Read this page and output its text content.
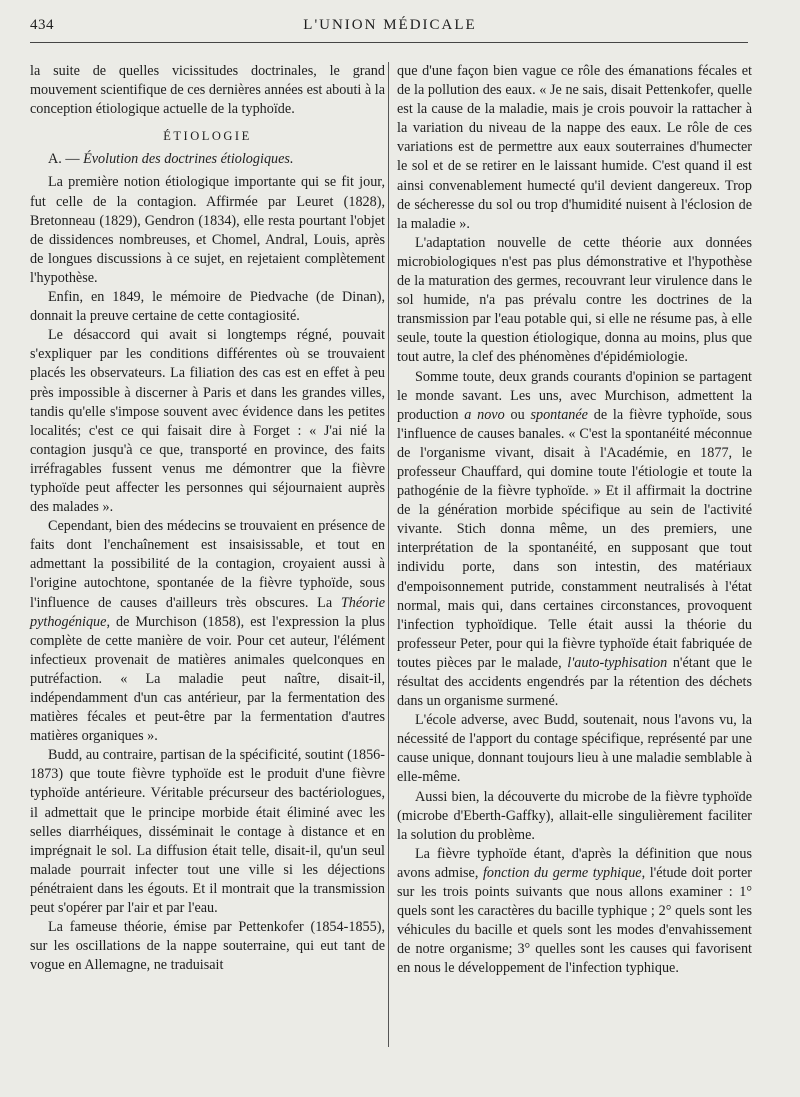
434	L'UNION MÉDICALE

la suite de quelles vicissitudes doctrinales, le grand mouvement scientifique de ces dernières années est abouti à la conception étiologique actuelle de la typhoïde.

ÉTIOLOGIE
A. — Évolution des doctrines étiologiques.

La première notion étiologique importante qui se fit jour, fut celle de la contagion. Affirmée par Leuret (1828), Bretonneau (1829), Gendron (1834), elle resta pourtant l'objet de dissidences nombreuses, et Chomel, Andral, Louis, après de longues discussions à ce sujet, en rejetaient complètement l'hypothèse.

Enfin, en 1849, le mémoire de Piedvache (de Dinan), donnait la preuve certaine de cette contagiosité.

Le désaccord qui avait si longtemps régné, pouvait s'expliquer par les conditions différentes où se trouvaient placés les observateurs. La filiation des cas est en effet à peu près impossible à discerner à Paris et dans les grandes villes, tandis qu'elle s'impose souvent avec évidence dans les petites localités; c'est ce qui faisait dire à Forget : « J'ai nié la contagion jusqu'à ce que, transporté en province, des faits irréfragables fussent venus me démontrer que la fièvre typhoïde peut affecter les personnes qui séjournaient auprès des malades ».

Cependant, bien des médecins se trouvaient en présence de faits dont l'enchaînement est insaisissable, et tout en admettant la possibilité de la contagion, croyaient aussi à l'origine autochtone, spontanée de la fièvre typhoïde, sous l'influence de causes d'ailleurs très obscures. La Théorie pythogénique, de Murchison (1858), est l'expression la plus complète de cette manière de voir. Pour cet auteur, l'élément infectieux provenait de matières animales quelconques en putréfaction. « La maladie peut naître, disait-il, indépendamment d'un cas antérieur, par la fermentation des matières fécales et peut-être par la fermentation d'autres matières organiques ».

Budd, au contraire, partisan de la spécificité, soutint (1856-1873) que toute fièvre typhoïde est le produit d'une fièvre typhoïde antérieure. Véritable précurseur des bactériologues, il admettait que le principe morbide était éliminé avec les selles diarrhéiques, disséminait le contage à distance et en imprégnait le sol. La diffusion était telle, disait-il, qu'un seul malade pourrait infecter tout une ville si les déjections pénétraient dans les égouts. Et il montrait que la transmission peut s'opérer par l'air et par l'eau.

La fameuse théorie, émise par Pettenkofer (1854-1855), sur les oscillations de la nappe souterraine, qui eut tant de vogue en Allemagne, ne traduisait

que d'une façon bien vague ce rôle des émanations fécales et de la pollution des eaux. « Je ne sais, disait Pettenkofer, quelle est la cause de la maladie, mais je crois pouvoir la rattacher à la variation du niveau de la nappe des eaux. Le rôle de ces variations est de permettre aux eaux souterraines d'humecter le sol et de se retirer en le laissant humide. C'est quand il est ainsi convenablement humecté qu'il devient dangereux. Trop de sécheresse du sol ou trop d'humidité nuisent à l'éclosion de la maladie ».

L'adaptation nouvelle de cette théorie aux données microbiologiques n'est pas plus démonstrative et l'hypothèse de la maturation des germes, recouvrant leur virulence dans le sol humide, n'a pas prévalu contre les doctrines de la transmission par l'eau potable qui, si elle ne résume pas, à elle seule, toute la question étiologique, donna au moins, plus que tout autre, la clef des phénomènes d'épidémiologie.

Somme toute, deux grands courants d'opinion se partagent le monde savant. Les uns, avec Murchison, admettent la production a novo ou spontanée de la fièvre typhoïde, sous l'influence de causes banales. « C'est la spontanéité méconnue de l'organisme vivant, disait à l'Académie, en 1877, le professeur Chauffard, qui domine toute l'étiologie et toute la pathogénie de la fièvre typhoïde. » Et il affirmait la doctrine de la génération morbide spécifique au sein de l'activité vivante. Stich donna même, un des premiers, une interprétation de la spontanéité, en supposant que tout individu porte, dans son intestin, des matériaux d'empoisonnement putride, constamment neutralisés à l'état normal, mais qui, dans certaines circonstances, provoquent l'infection typhoïdique. Telle était aussi la théorie du professeur Peter, pour qui la fièvre typhoïde était fabriquée de toutes pièces par le malade, l'auto-typhisation n'étant que le résultat des accidents engendrés par la rétention des déchets dans un organisme surmené.

L'école adverse, avec Budd, soutenait, nous l'avons vu, la nécessité de l'apport du contage spécifique, représenté par une cause unique, donnant toujours lieu à une maladie semblable à elle-même.

Aussi bien, la découverte du microbe de la fièvre typhoïde (microbe d'Eberth-Gaffky), allait-elle singulièrement faciliter la solution du problème.

La fièvre typhoïde étant, d'après la définition que nous avons admise, fonction du germe typhique, l'étude doit porter sur les trois points suivants que nous allons examiner : 1° quels sont les caractères du bacille typhique ; 2° quels sont les véhicules du bacille et quels sont les modes d'envahissement de notre organisme; 3° quelles sont les causes qui favorisent en nous le développement de l'infection typhique.
